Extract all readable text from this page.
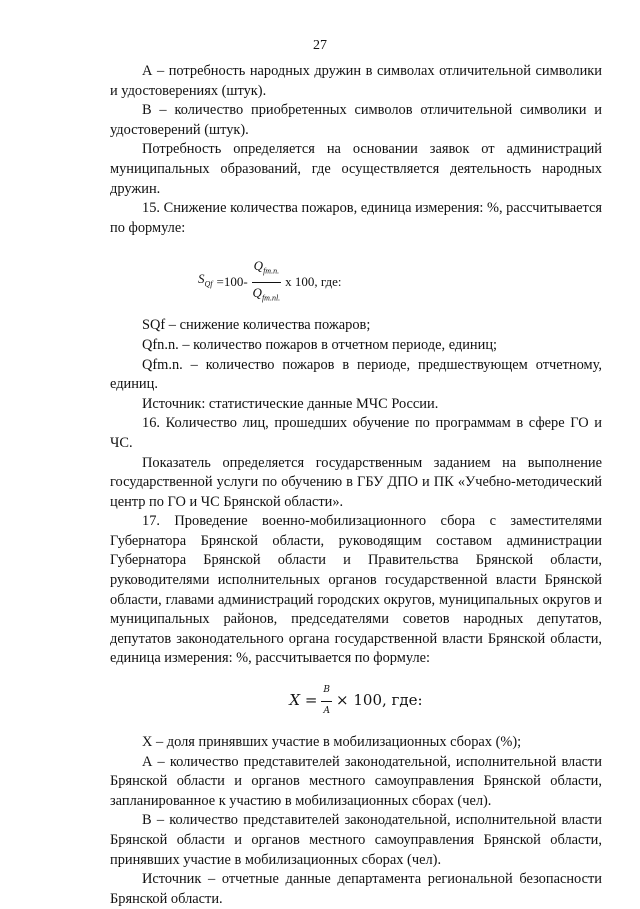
27

А – потребность народных дружин в символах отличительной символики и удостоверениях (штук).

В – количество приобретенных символов отличительной символики и удостоверений (штук).

Потребность определяется на основании заявок от администраций муниципальных образований, где осуществляется деятельность народных дружин.

15. Снижение количества пожаров, единица измерения: %, рассчитывается по формуле:

$S_{Qf} =100- \frac{Q_{fm.n.}}{Q_{fm.nl.}}$ x 100, где:

SQf – снижение количества пожаров;

Qfn.n. – количество пожаров в отчетном периоде, единиц;

Qfm.n. – количество пожаров в периоде, предшествующем отчетному, единиц.

Источник: статистические данные МЧС России.

16. Количество лиц, прошедших обучение по программам в сфере ГО и ЧС.

Показатель определяется государственным заданием на выполнение государственной услуги по обучению в ГБУ ДПО и ПК «Учебно-методический центр по ГО и ЧС Брянской области».

17. Проведение военно-мобилизационного сбора с заместителями Губернатора Брянской области, руководящим составом администрации Губернатора Брянской области и Правительства Брянской области, руководителями исполнительных органов государственной власти Брянской области, главами администраций городских округов, муниципальных округов и муниципальных районов, председателями советов народных депутатов, депутатов законодательного органа государственной власти Брянской области, единица измерения: %, рассчитывается по формуле:

$X = \frac{B}{A} \times 100$, где:

Х – доля принявших участие в мобилизационных сборах (%);

А – количество представителей законодательной, исполнительной власти Брянской области и органов местного самоуправления Брянской области, запланированное к участию в мобилизационных сборах (чел).

В – количество представителей законодательной, исполнительной власти Брянской области и органов местного самоуправления Брянской области, принявших участие в мобилизационных сборах (чел).

Источник – отчетные данные департамента региональной безопасности Брянской области.
